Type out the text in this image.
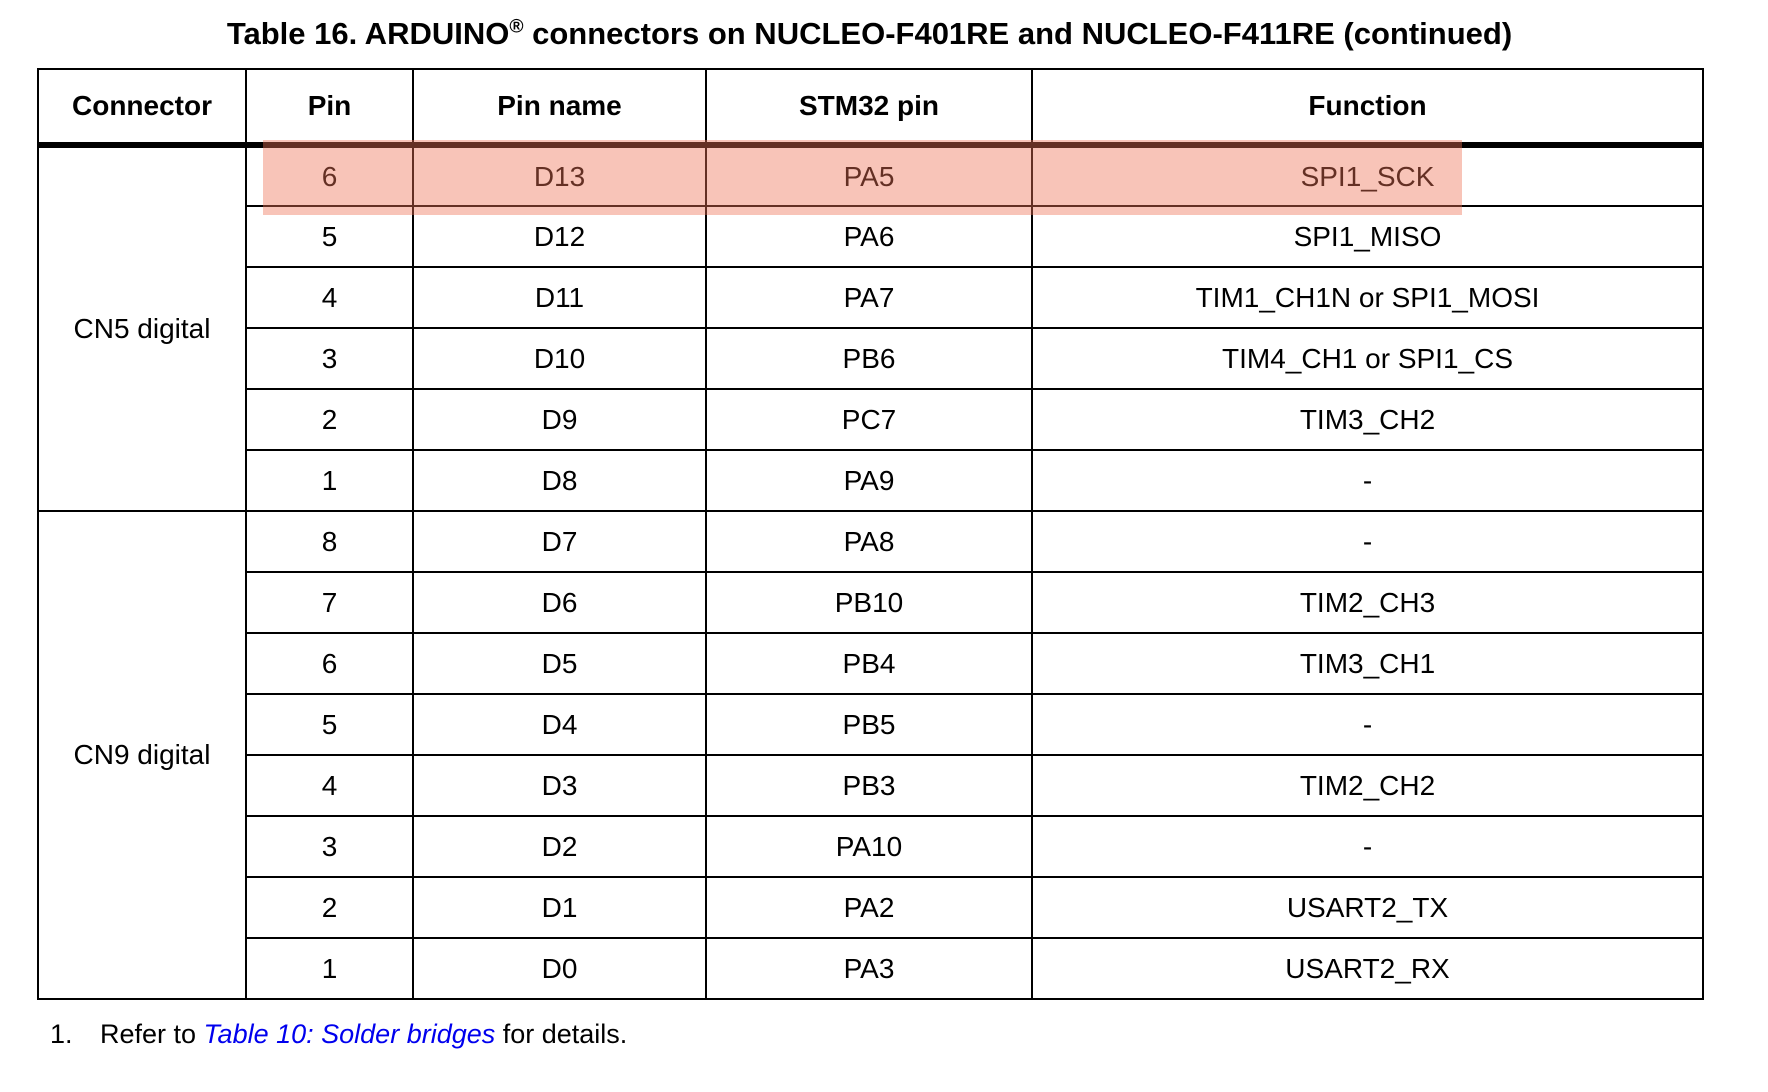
Table 16. ARDUINO® connectors on NUCLEO-F401RE and NUCLEO-F411RE (continued)
Connector	Pin	Pin name	STM32 pin	Function
CN5 digital	6	D13	PA5	SPI1_SCK
	5	D12	PA6	SPI1_MISO
	4	D11	PA7	TIM1_CH1N or SPI1_MOSI
	3	D10	PB6	TIM4_CH1 or SPI1_CS
	2	D9	PC7	TIM3_CH2
	1	D8	PA9	-
CN9 digital	8	D7	PA8	-
	7	D6	PB10	TIM2_CH3
	6	D5	PB4	TIM3_CH1
	5	D4	PB5	-
	4	D3	PB3	TIM2_CH2
	3	D2	PA10	-
	2	D1	PA2	USART2_TX
	1	D0	PA3	USART2_RX
1.	Refer to Table 10: Solder bridges for details.
